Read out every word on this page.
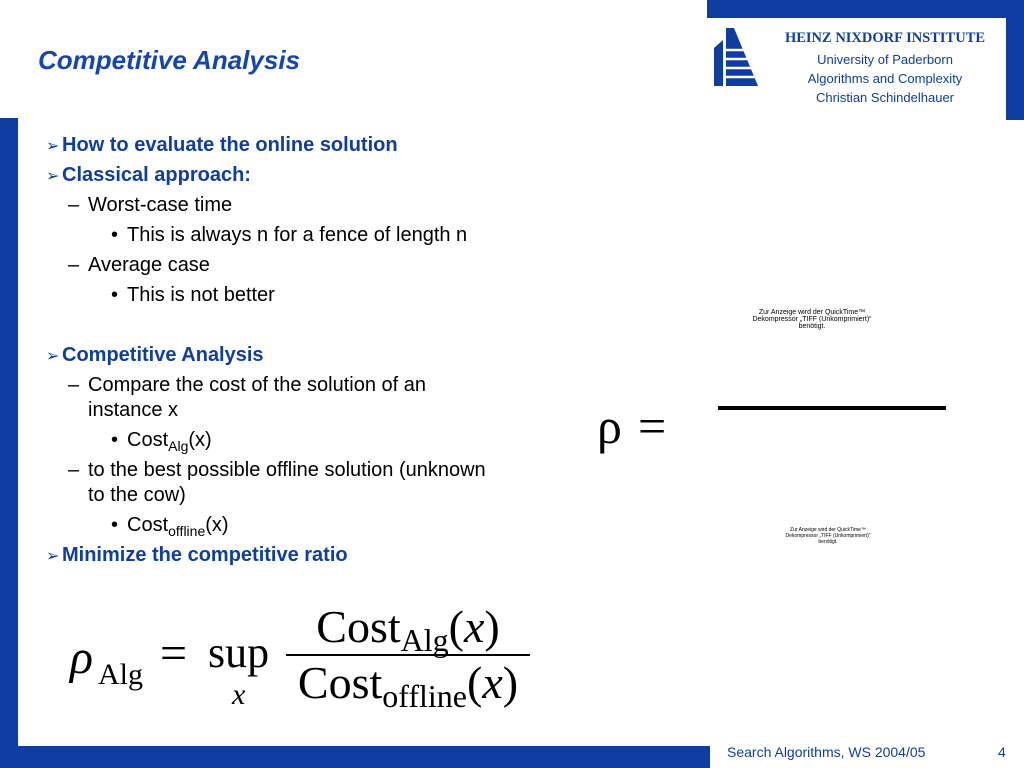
Competitive Analysis
HEINZ NIXDORF INSTITUTE
University of Paderborn
Algorithms and Complexity
Christian Schindelhauer
➢ How to evaluate the online solution
➢ Classical approach:
– Worst-case time
• This is always n for a fence of length n
– Average case
• This is not better
➢ Competitive Analysis
– Compare the cost of the solution of an
instance x
• Cost$_{Alg}$(x)
– to the best possible offline solution (unknown
to the cow)
• Cost$_{offline}$(x)
➢ Minimize the competitive ratio
ρ Alg = sup
x
CostAlg(x)
Costoffline(x)
ρ =
Zur Anzeige wird der QuickTime™
Dekompressor „TIFF (Unkomprimiert)“
benötigt.
Zur Anzeige wird der QuickTime™
Dekompressor „TIFF (Unkomprimiert)“
benötigt.
Search Algorithms, WS 2004/05	4
